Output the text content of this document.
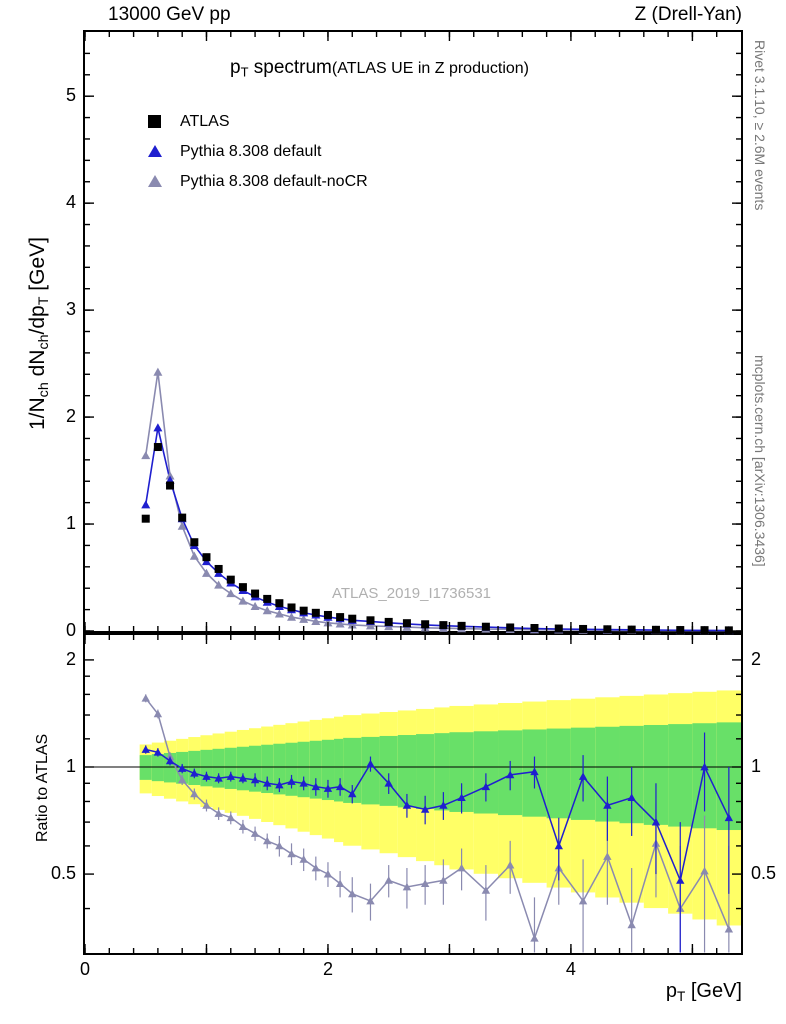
13000 GeV pp	Z (Drell-Yan)
Rivet 3.1.10, ≥ 2.6M events
mcplots.cern.ch [arXiv:1306.3436]
$1/N_{ch}$ $dN_{ch}/dp_T$ [GeV]
$p_T$ spectrum(ATLAS UE in Z production)
ATLAS_2019_I1736531
$p_T$ [GeV]
Ratio to ATLAS
ATLAS
Pythia 8.308 default
Pythia 8.308 default-noCR
0
1
2
3
4
5
0.5	0.5
1	1
2	2
0	2	4
